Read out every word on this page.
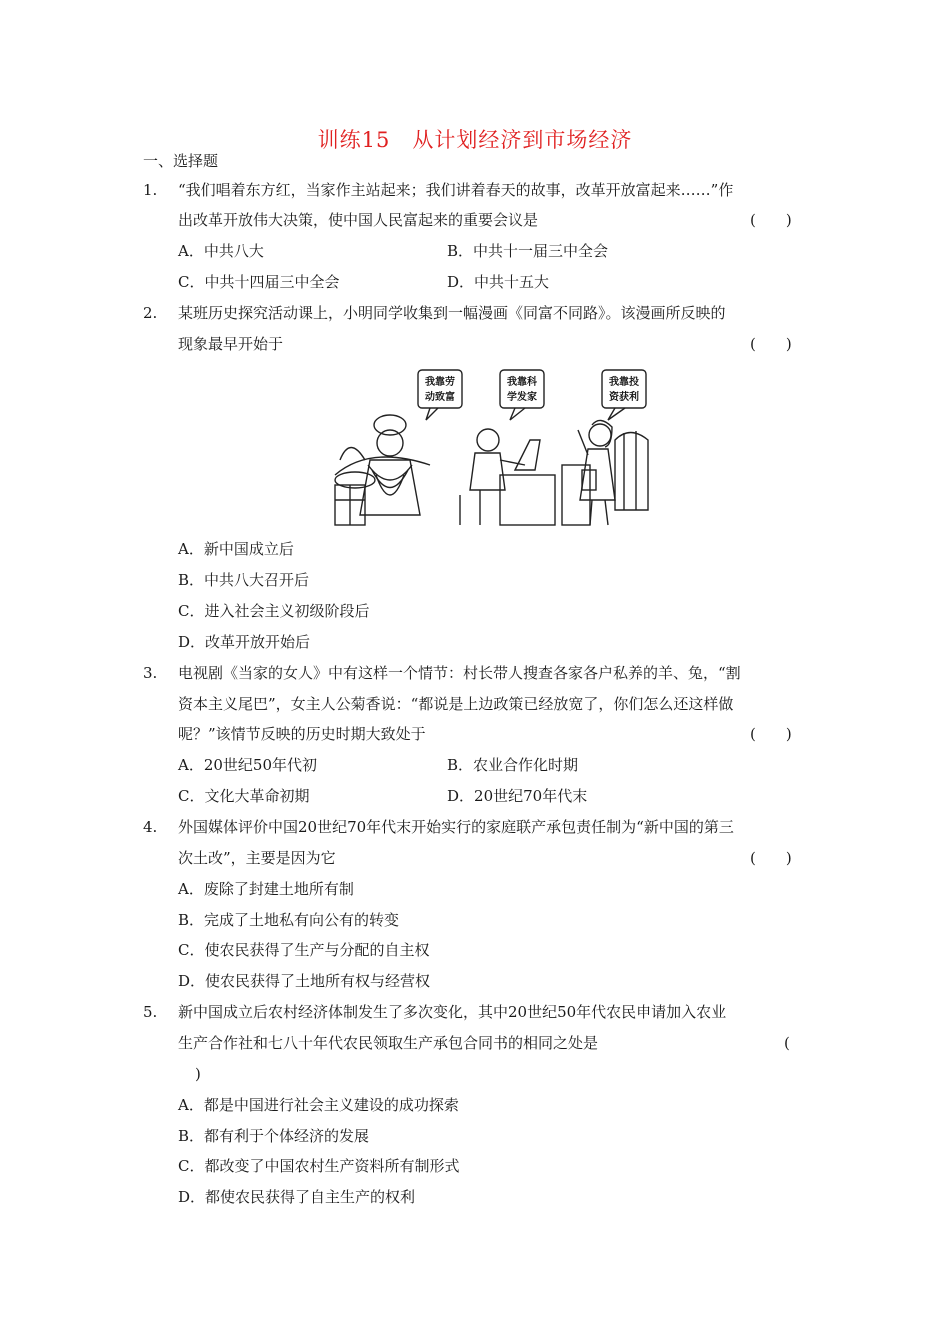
训练15　从计划经济到市场经济
一、选择题
1. “我们唱着东方红，当家作主站起来；我们讲着春天的故事，改革开放富起来……”作
出改革开放伟大决策，使中国人民富起来的重要会议是	(　　)
A．中共八大	B．中共十一届三中全会
C．中共十四届三中全会	D．中共十五大
2. 某班历史探究活动课上，小明同学收集到一幅漫画《同富不同路》。该漫画所反映的
现象最早开始于	(　　)
我靠劳
动致富
我靠科
学发家
我靠投
资获利
A．新中国成立后
B．中共八大召开后
C．进入社会主义初级阶段后
D．改革开放开始后
3. 电视剧《当家的女人》中有这样一个情节：村长带人搜查各家各户私养的羊、兔，“割
资本主义尾巴”，女主人公菊香说：“都说是上边政策已经放宽了，你们怎么还这样做
呢？”该情节反映的历史时期大致处于	(　　)
A．20世纪50年代初	B．农业合作化时期
C．文化大革命初期	D．20世纪70年代末
4. 外国媒体评价中国20世纪70年代末开始实行的家庭联产承包责任制为“新中国的第三
次土改”，主要是因为它	(　　)
A．废除了封建土地所有制
B．完成了土地私有向公有的转变
C．使农民获得了生产与分配的自主权
D．使农民获得了土地所有权与经营权
5. 新中国成立后农村经济体制发生了多次变化，其中20世纪50年代农民申请加入农业
生产合作社和七八十年代农民领取生产承包合同书的相同之处是	(
)
A．都是中国进行社会主义建设的成功探索
B．都有利于个体经济的发展
C．都改变了中国农村生产资料所有制形式
D．都使农民获得了自主生产的权利
